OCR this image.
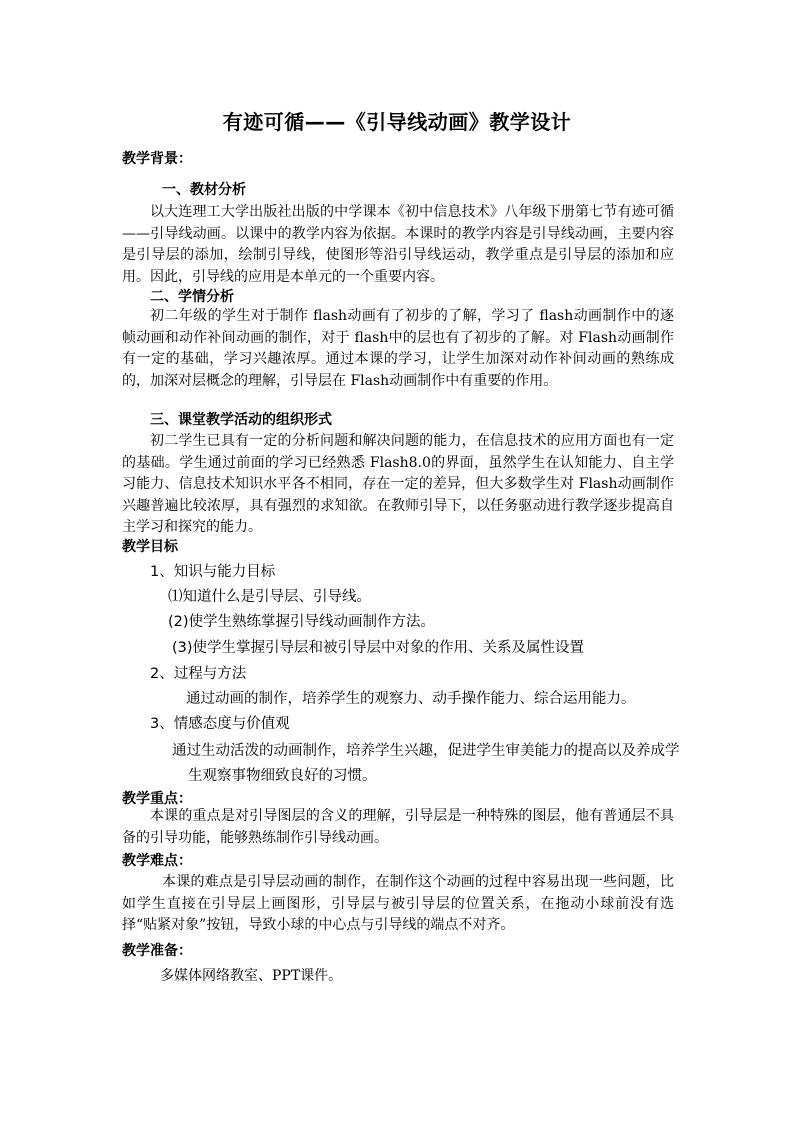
有迹可循——《引导线动画》教学设计
教学背景：
一、教材分析
以大连理工大学出版社出版的中学课本《初中信息技术》八年级下册第七节有迹可循——引导线动画。以课中的教学内容为依据。本课时的教学内容是引导线动画，主要内容是引导层的添加，绘制引导线，使图形等沿引导线运动，教学重点是引导层的添加和应用。因此，引导线的应用是本单元的一个重要内容。
二、学情分析
初二年级的学生对于制作 flash动画有了初步的了解，学习了 flash动画制作中的逐帧动画和动作补间动画的制作，对于 flash中的层也有了初步的了解。对 Flash动画制作有一定的基础，学习兴趣浓厚。通过本课的学习，让学生加深对动作补间动画的熟练成的，加深对层概念的理解，引导层在 Flash动画制作中有重要的作用。
三、课堂教学活动的组织形式
初二学生已具有一定的分析问题和解决问题的能力，在信息技术的应用方面也有一定的基础。学生通过前面的学习已经熟悉 Flash8.0的界面，虽然学生在认知能力、自主学习能力、信息技术知识水平各不相同，存在一定的差异，但大多数学生对 Flash动画制作兴趣普遍比较浓厚，具有强烈的求知欲。在教师引导下，以任务驱动进行教学逐步提高自主学习和探究的能力。
教学目标
1、知识与能力目标
⑴知道什么是引导层、引导线。
(2)使学生熟练掌握引导线动画制作方法。
(3)使学生掌握引导层和被引导层中对象的作用、关系及属性设置
2、过程与方法
通过动画的制作，培养学生的观察力、动手操作能力、综合运用能力。
3、情感态度与价值观
通过生动活泼的动画制作，培养学生兴趣，促进学生审美能力的提高以及养成学生观察事物细致良好的习惯。
教学重点：
本课的重点是对引导图层的含义的理解，引导层是一种特殊的图层，他有普通层不具备的引导功能，能够熟练制作引导线动画。
教学难点：
本课的难点是引导层动画的制作，在制作这个动画的过程中容易出现一些问题，比如学生直接在引导层上画图形，引导层与被引导层的位置关系，在拖动小球前没有选择“贴紧对象”按钮，导致小球的中心点与引导线的端点不对齐。
教学准备：
多媒体网络教室、PPT课件。
